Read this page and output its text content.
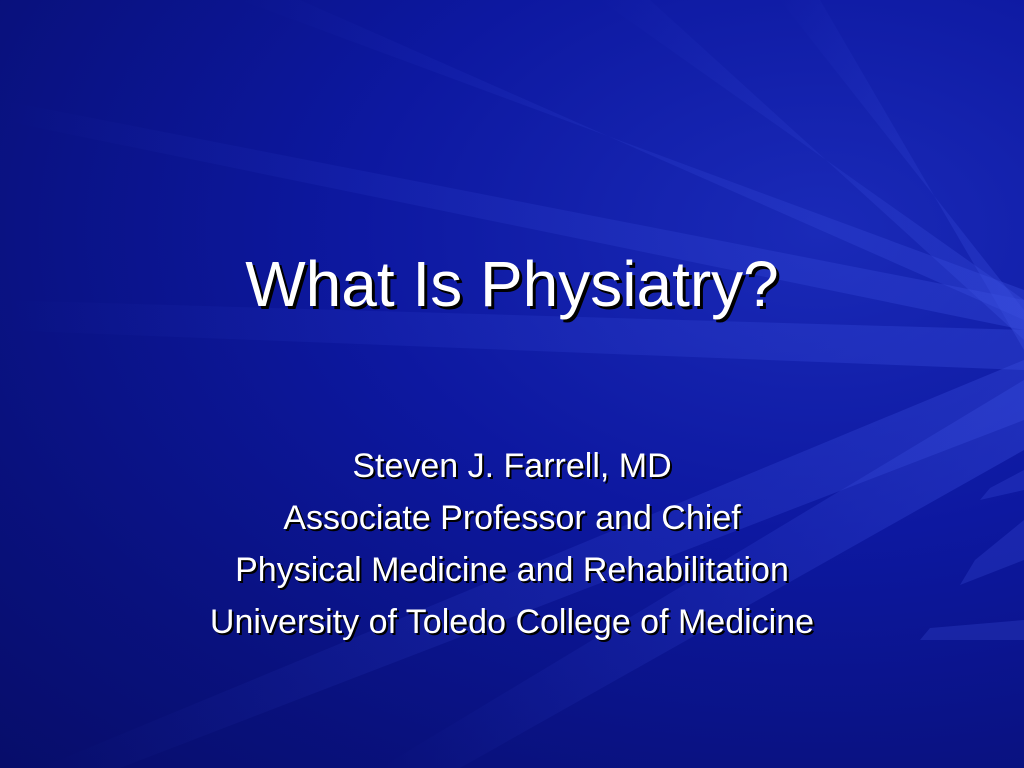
What Is Physiatry?
Steven J. Farrell, MD
Associate Professor and Chief
Physical Medicine and Rehabilitation
University of Toledo College of Medicine
